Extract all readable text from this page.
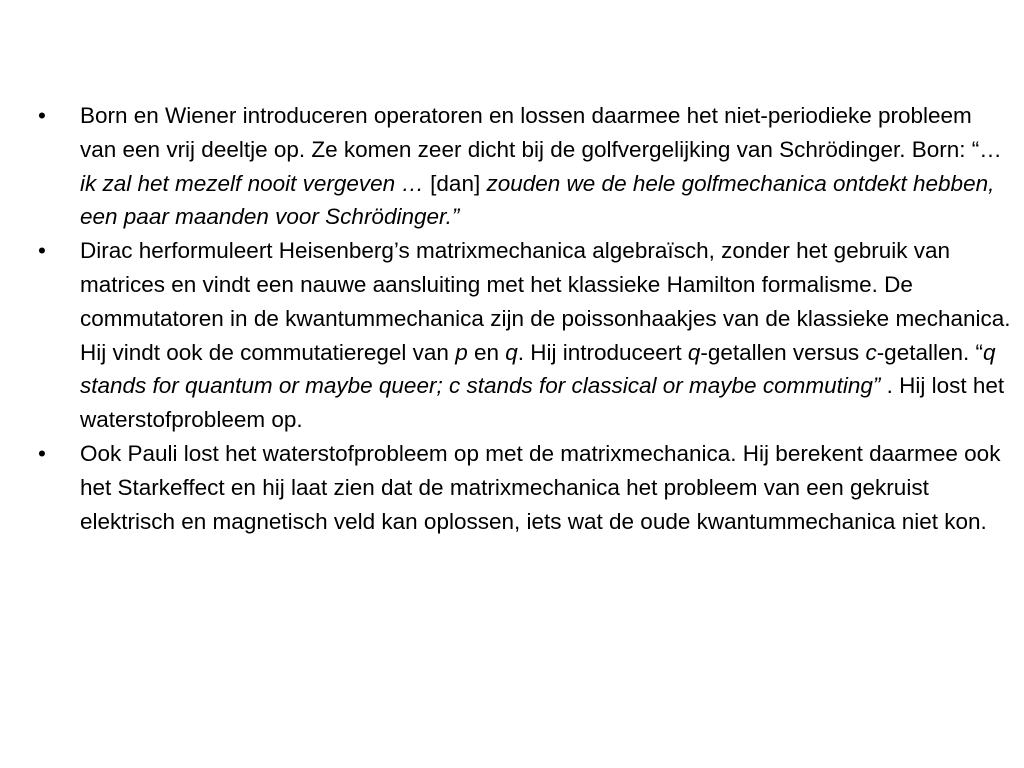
• Born en Wiener introduceren operatoren en lossen daarmee het niet-periodieke probleem van een vrij deeltje op. Ze komen zeer dicht bij de golfvergelijking van Schrödinger. Born: “… ik zal het mezelf nooit vergeven … [dan] zouden we de hele golfmechanica ontdekt hebben, een paar maanden voor Schrödinger.”
• Dirac herformuleert Heisenberg’s matrixmechanica algebraïsch, zonder het gebruik van matrices en vindt een nauwe aansluiting met het klassieke Hamilton formalisme. De commutatoren in de kwantummechanica zijn de poissonhaakjes van de klassieke mechanica. Hij vindt ook de commutatieregel van p en q. Hij introduceert q-getallen versus c-getallen. “q stands for quantum or maybe queer; c stands for classical or maybe commuting” . Hij lost het waterstofprobleem op.
• Ook Pauli lost het waterstofprobleem op met de matrixmechanica. Hij berekent daarmee ook het Starkeffect en hij laat zien dat de matrixmechanica het probleem van een gekruist elektrisch en magnetisch veld kan oplossen, iets wat de oude kwantummechanica niet kon.
